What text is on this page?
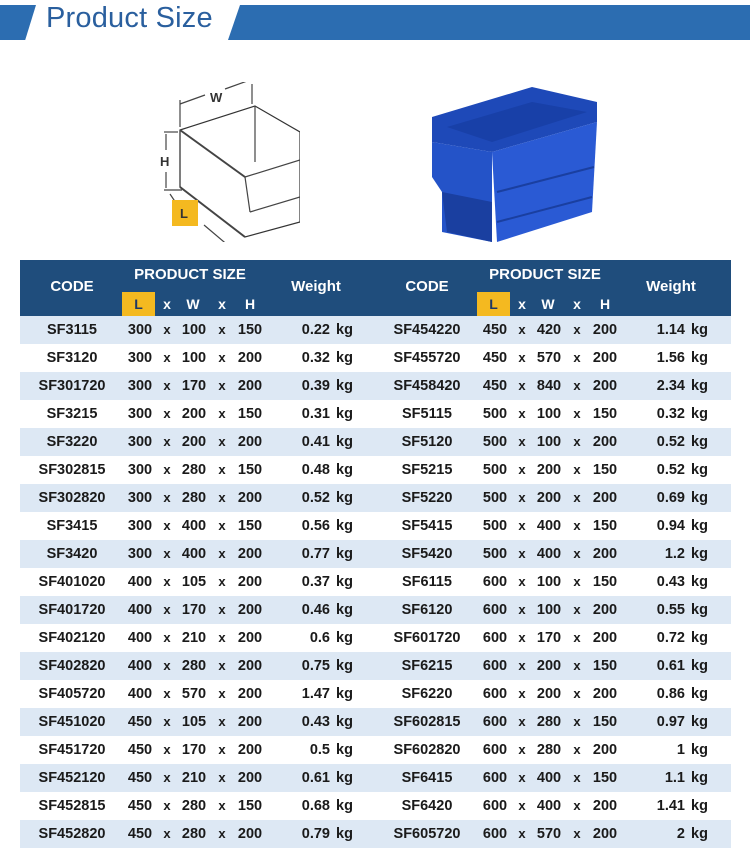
Product Size
W
H
L
CODE
PRODUCT SIZE
Weight
L	x W x H
SF3115	300 x 100 x 150	0.22 kg
SF3120	300 x 100 x 200	0.32 kg
SF301720	300 x 170 x 200	0.39 kg
SF3215	300 x 200 x 150	0.31 kg
SF3220	300 x 200 x 200	0.41 kg
SF302815	300 x 280 x 150	0.48 kg
SF302820	300 x 280 x 200	0.52 kg
SF3415	300 x 400 x 150	0.56 kg
SF3420	300 x 400 x 200	0.77 kg
SF401020	400 x 105 x 200	0.37 kg
SF401720	400 x 170 x 200	0.46 kg
SF402120	400 x 210 x 200	0.6 kg
SF402820	400 x 280 x 200	0.75 kg
SF405720	400 x 570 x 200	1.47 kg
SF451020	450 x 105 x 200	0.43 kg
SF451720	450 x 170 x 200	0.5 kg
SF452120	450 x 210 x 200	0.61 kg
SF452815	450 x 280 x 150	0.68 kg
SF452820	450 x 280 x 200	0.79 kg
CODE
PRODUCT SIZE
Weight
L	x W x H
SF454220	450 x 420 x 200	1.14 kg
SF455720	450 x 570 x 200	1.56 kg
SF458420	450 x 840 x 200	2.34 kg
SF5115	500 x 100 x 150	0.32 kg
SF5120	500 x 100 x 200	0.52 kg
SF5215	500 x 200 x 150	0.52 kg
SF5220	500 x 200 x 200	0.69 kg
SF5415	500 x 400 x 150	0.94 kg
SF5420	500 x 400 x 200	1.2 kg
SF6115	600 x 100 x 150	0.43 kg
SF6120	600 x 100 x 200	0.55 kg
SF601720	600 x 170 x 200	0.72 kg
SF6215	600 x 200 x 150	0.61 kg
SF6220	600 x 200 x 200	0.86 kg
SF602815	600 x 280 x 150	0.97 kg
SF602820	600 x 280 x 200	1 kg
SF6415	600 x 400 x 150	1.1 kg
SF6420	600 x 400 x 200	1.41 kg
SF605720	600 x 570 x 200	2 kg
